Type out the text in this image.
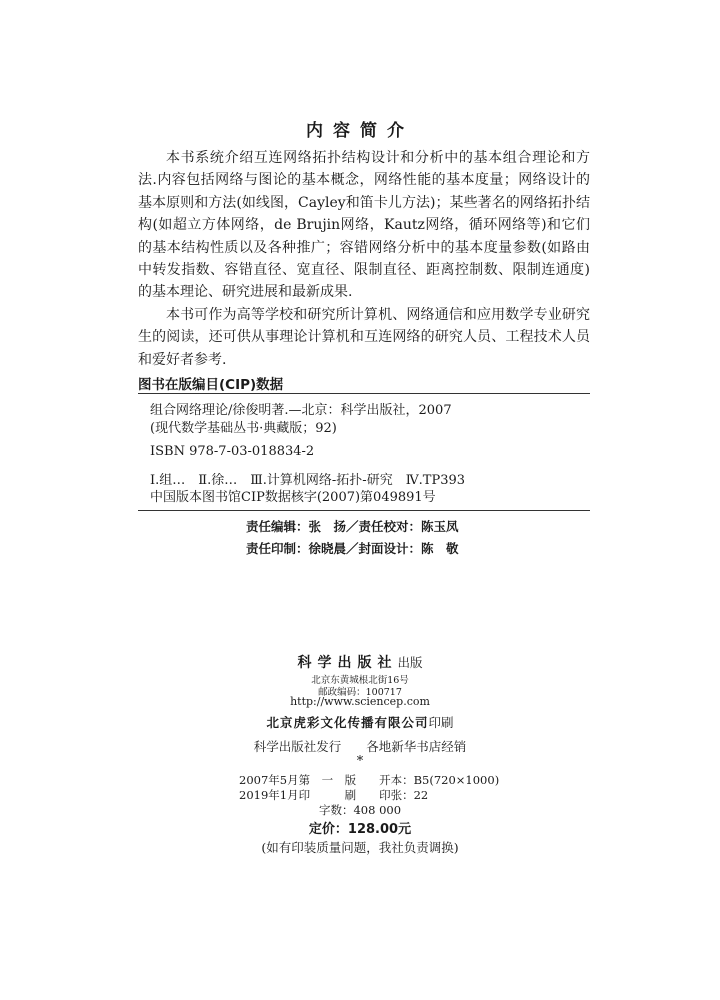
内容简介

本书系统介绍互连网络拓扑结构设计和分析中的基本组合理论和方法.内容包括网络与图论的基本概念，网络性能的基本度量；网络设计的基本原则和方法(如线图，Cayley和笛卡儿方法)；某些著名的网络拓扑结构(如超立方体网络，de Brujin网络，Kautz网络，循环网络等)和它们的基本结构性质以及各种推广；容错网络分析中的基本度量参数(如路由中转发指数、容错直径、宽直径、限制直径、距离控制数、限制连通度)的基本理论、研究进展和最新成果.

本书可作为高等学校和研究所计算机、网络通信和应用数学专业研究生的阅读，还可供从事理论计算机和互连网络的研究人员、工程技术人员和爱好者参考.

图书在版编目(CIP)数据
组合网络理论/徐俊明著.—北京：科学出版社，2007
(现代数学基础丛书·典藏版；92)
ISBN 978-7-03-018834-2
Ⅰ.组…　Ⅱ.徐…　Ⅲ.计算机网络-拓扑-研究　Ⅳ.TP393
中国版本图书馆CIP数据核字(2007)第049891号
责任编辑：张　扬／责任校对：陈玉凤
责任印制：徐晓晨／封面设计：陈　敬
科学出版社出版
北京东黄城根北街16号
邮政编码：100717
http://www.sciencep.com
北京虎彩文化传播有限公司印刷
科学出版社发行　　各地新华书店经销
*
2007年5月第　一　版　　开本：B5(720×1000)
2019年1月印　　　刷　　印张：22
字数：408 000
定价：128.00元
(如有印装质量问题，我社负责调换)
